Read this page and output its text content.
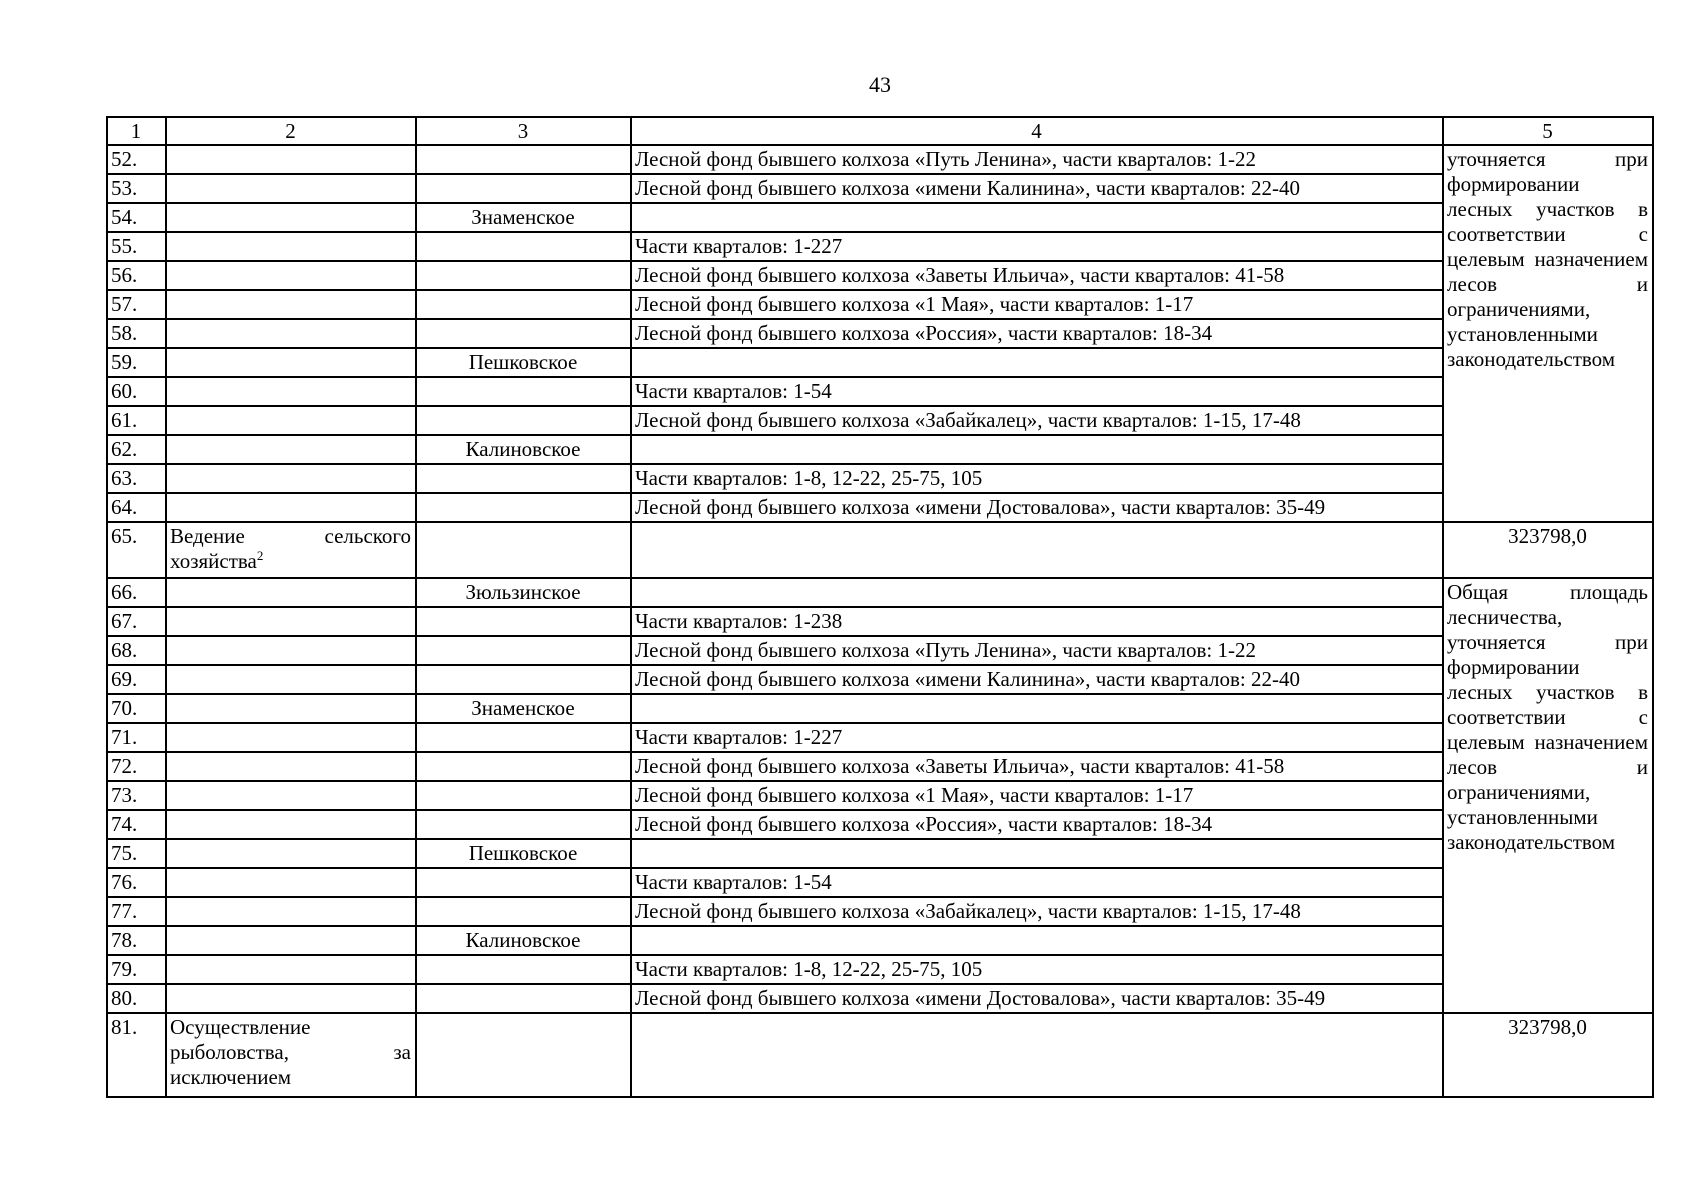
43
1	2	3	4	5
52.			Лесной фонд бывшего колхоза «Путь Ленина», части кварталов: 1-22	уточняется при формировании лесных участков в соответствии с целевым назначением лесов и ограничениями, установленными законодательством
53.			Лесной фонд бывшего колхоза «имени Калинина», части кварталов: 22-40	
54.		Знаменское		
55.			Части кварталов: 1-227	
56.			Лесной фонд бывшего колхоза «Заветы Ильича», части кварталов: 41-58	
57.			Лесной фонд бывшего колхоза «1 Мая», части кварталов: 1-17	
58.			Лесной фонд бывшего колхоза «Россия», части кварталов: 18-34	
59.		Пешковское		
60.			Части кварталов: 1-54	
61.			Лесной фонд бывшего колхоза «Забайкалец», части кварталов: 1-15, 17-48	
62.		Калиновское		
63.			Части кварталов: 1-8, 12-22, 25-75, 105	
64.			Лесной фонд бывшего колхоза «имени Достовалова», части кварталов: 35-49	
65.	Ведение сельского хозяйства$^2$			323798,0
66.		Зюльзинское		Общая площадь лесничества, уточняется при формировании лесных участков в соответствии с целевым назначением лесов и ограничениями, установленными законодательством
67.			Части кварталов: 1-238	
68.			Лесной фонд бывшего колхоза «Путь Ленина», части кварталов: 1-22	
69.			Лесной фонд бывшего колхоза «имени Калинина», части кварталов: 22-40	
70.		Знаменское		
71.			Части кварталов: 1-227	
72.			Лесной фонд бывшего колхоза «Заветы Ильича», части кварталов: 41-58	
73.			Лесной фонд бывшего колхоза «1 Мая», части кварталов: 1-17	
74.			Лесной фонд бывшего колхоза «Россия», части кварталов: 18-34	
75.		Пешковское		
76.			Части кварталов: 1-54	
77.			Лесной фонд бывшего колхоза «Забайкалец», части кварталов: 1-15, 17-48	
78.		Калиновское		
79.			Части кварталов: 1-8, 12-22, 25-75, 105	
80.			Лесной фонд бывшего колхоза «имени Достовалова», части кварталов: 35-49	
81.	Осуществление рыболовства, за исключением			323798,0
